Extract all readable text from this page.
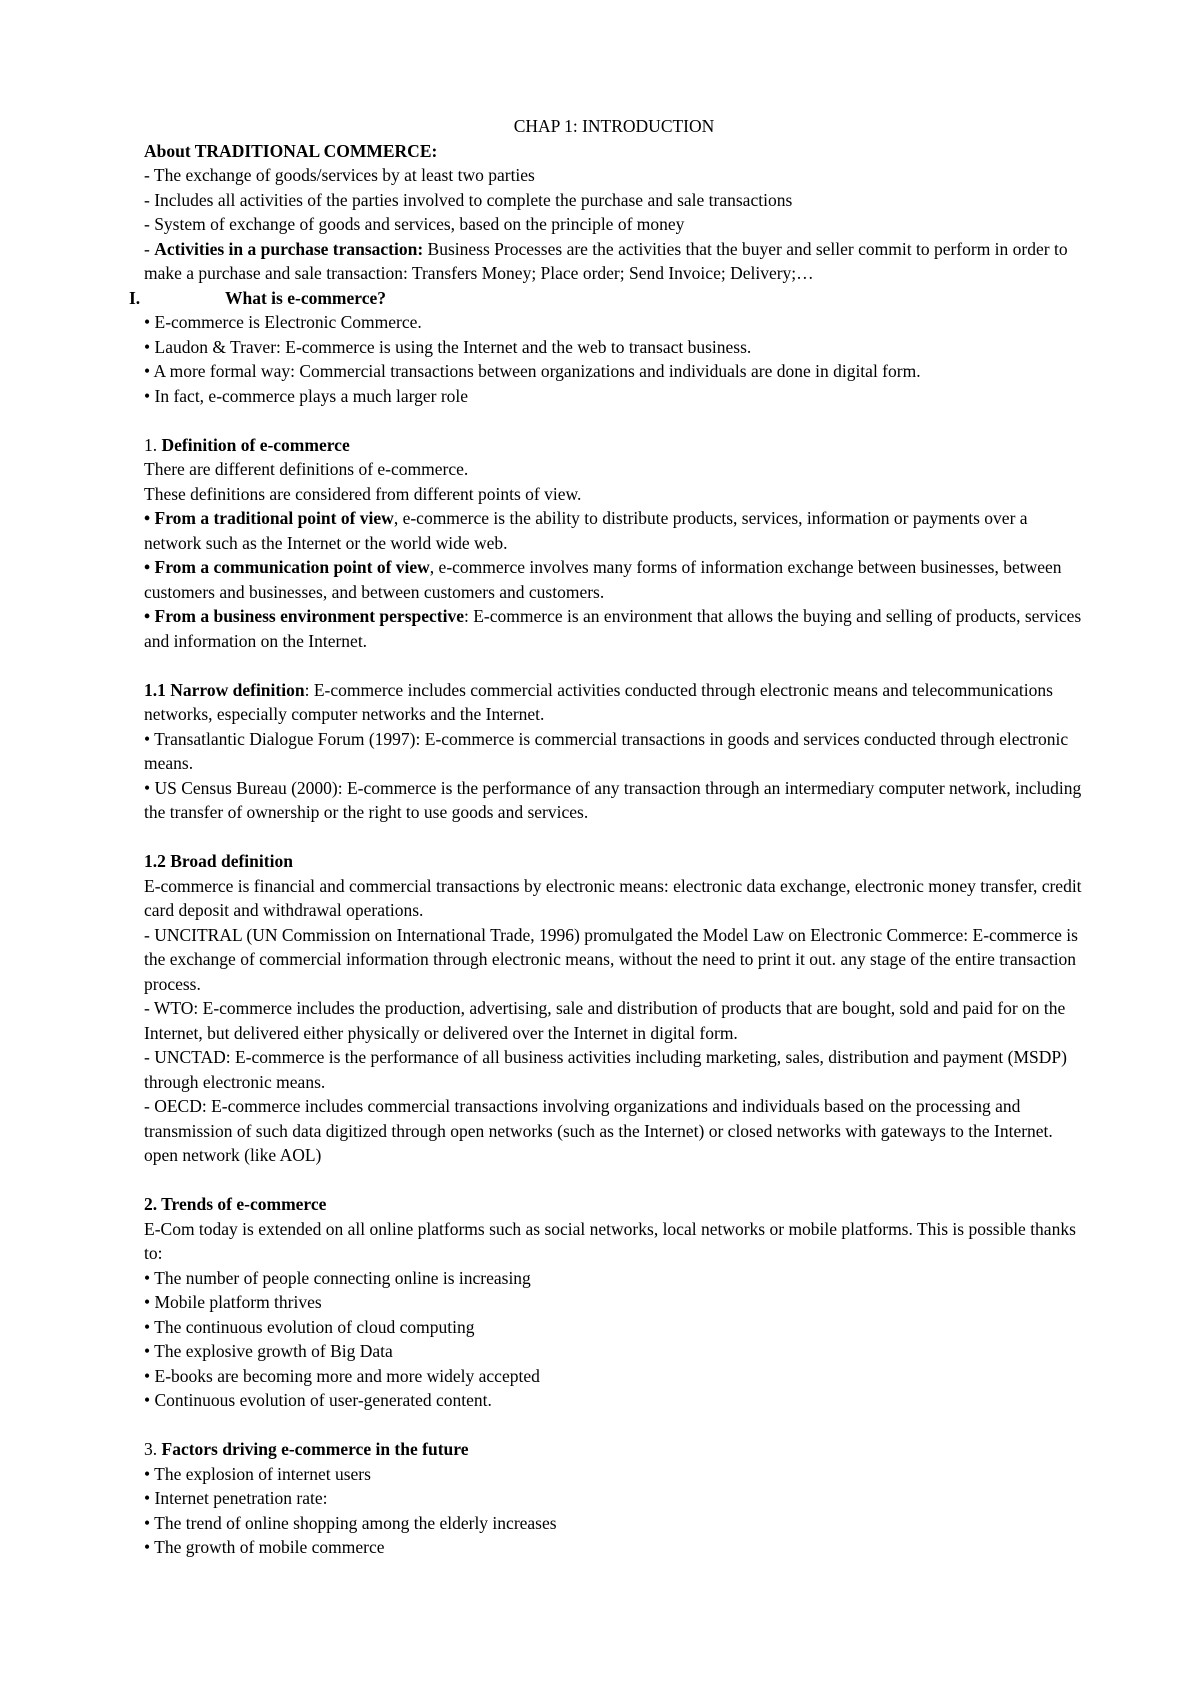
CHAP 1: INTRODUCTION

About TRADITIONAL COMMERCE:

- The exchange of goods/services by at least two parties

- Includes all activities of the parties involved to complete the purchase and sale transactions

- System of exchange of goods and services, based on the principle of money

- Activities in a purchase transaction: Business Processes are the activities that the buyer and seller commit to perform in order to make a purchase and sale transaction: Transfers Money; Place order; Send Invoice; Delivery;…

I.	What is e-commerce?

• E-commerce is Electronic Commerce.

• Laudon & Traver: E-commerce is using the Internet and the web to transact business.

• A more formal way: Commercial transactions between organizations and individuals are done in digital form.

• In fact, e-commerce plays a much larger role

1. Definition of e-commerce

There are different definitions of e-commerce.

These definitions are considered from different points of view.

• From a traditional point of view, e-commerce is the ability to distribute products, services, information or payments over a network such as the Internet or the world wide web.

• From a communication point of view, e-commerce involves many forms of information exchange between businesses, between customers and businesses, and between customers and customers.

• From a business environment perspective: E-commerce is an environment that allows the buying and selling of products, services and information on the Internet.

1.1 Narrow definition: E-commerce includes commercial activities conducted through electronic means and telecommunications networks, especially computer networks and the Internet.

• Transatlantic Dialogue Forum (1997): E-commerce is commercial transactions in goods and services conducted through electronic means.

• US Census Bureau (2000): E-commerce is the performance of any transaction through an intermediary computer network, including the transfer of ownership or the right to use goods and services.

1.2 Broad definition

E-commerce is financial and commercial transactions by electronic means: electronic data exchange, electronic money transfer, credit card deposit and withdrawal operations.

- UNCITRAL (UN Commission on International Trade, 1996) promulgated the Model Law on Electronic Commerce: E-commerce is the exchange of commercial information through electronic means, without the need to print it out. any stage of the entire transaction process.

- WTO: E-commerce includes the production, advertising, sale and distribution of products that are bought, sold and paid for on the Internet, but delivered either physically or delivered over the Internet in digital form.

- UNCTAD: E-commerce is the performance of all business activities including marketing, sales, distribution and payment (MSDP) through electronic means.

- OECD: E-commerce includes commercial transactions involving organizations and individuals based on the processing and transmission of such data digitized through open networks (such as the Internet) or closed networks with gateways to the Internet. open network (like AOL)

2. Trends of e-commerce

E-Com today is extended on all online platforms such as social networks, local networks or mobile platforms. This is possible thanks to:

• The number of people connecting online is increasing

• Mobile platform thrives

• The continuous evolution of cloud computing

• The explosive growth of Big Data

• E-books are becoming more and more widely accepted

• Continuous evolution of user-generated content.

3. Factors driving e-commerce in the future

• The explosion of internet users

• Internet penetration rate:

• The trend of online shopping among the elderly increases

• The growth of mobile commerce
